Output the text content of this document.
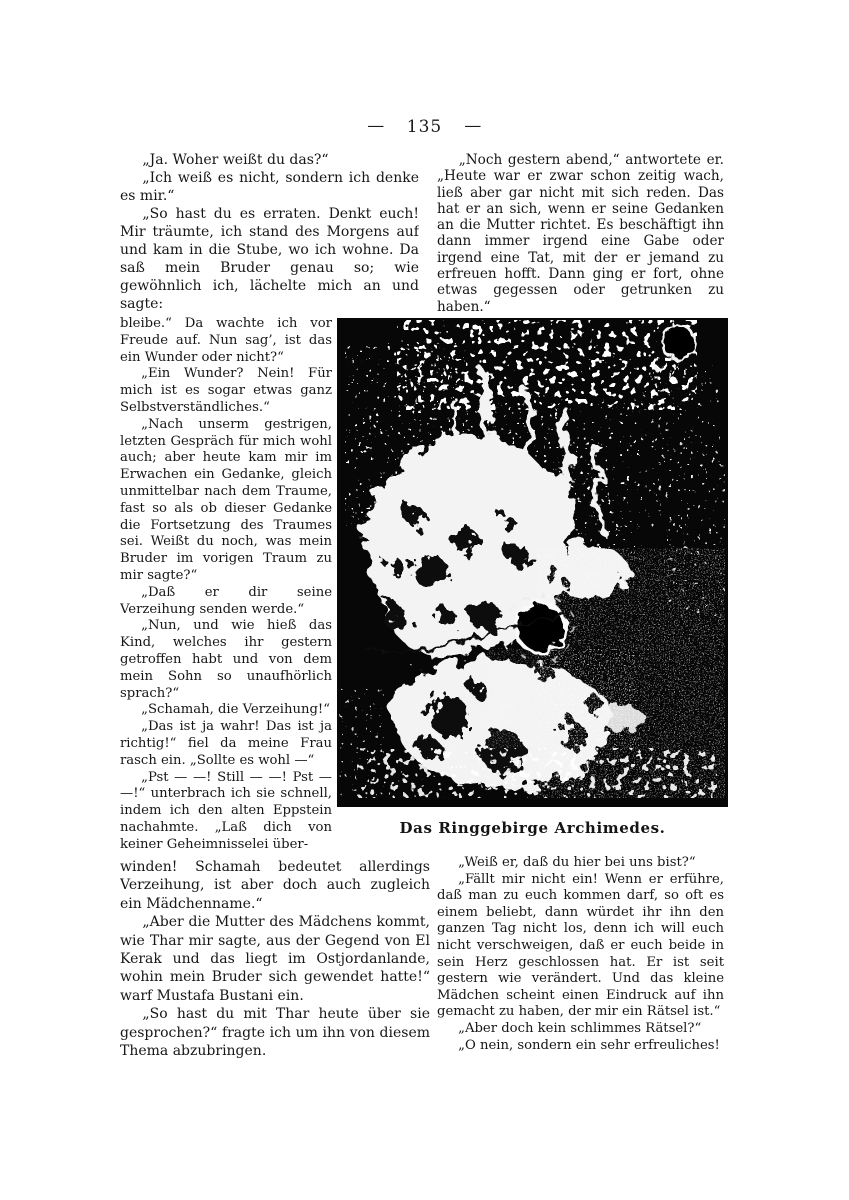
— 135 —

„Ja. Woher weißt du das?“

„Ich weiß es nicht, sondern ich denke es mir.“

„So hast du es erraten. Denkt euch! Mir träumte, ich stand des Morgens auf und kam in die Stube, wo ich wohne. Da saß mein Bruder genau so; wie gewöhnlich ich, lächelte mich an und sagte:

bleibe.“ Da wachte ich vor Freude auf. Nun sag’, ist das ein Wunder oder nicht?“

„Ein Wunder? Nein! Für mich ist es sogar etwas ganz Selbstverständliches.“

„Nach unserm gestrigen, letzten Gespräch für mich wohl auch; aber heute kam mir im Erwachen ein Gedanke, gleich unmittelbar nach dem Traume, fast so als ob dieser Gedanke die Fortsetzung des Traumes sei. Weißt du noch, was mein Bruder im vorigen Traum zu mir sagte?“

„Daß er dir seine Verzeihung senden werde.“

„Nun, und wie hieß das Kind, welches ihr gestern getroffen habt und von dem mein Sohn so unaufhörlich sprach?“

„Schamah, die Verzeihung!“

„Das ist ja wahr! Das ist ja richtig!“ fiel da meine Frau rasch ein. „Sollte es wohl —“

„Pst — —! Still — —! Pst — —!“ unterbrach ich sie schnell, indem ich den alten Eppstein nachahmte. „Laß dich von keiner Geheimnisselei über-

winden! Schamah bedeutet allerdings Verzeihung, ist aber doch auch zugleich ein Mädchenname.“

„Aber die Mutter des Mädchens kommt, wie Thar mir sagte, aus der Gegend von El Kerak und das liegt im Ostjordanlande, wohin mein Bruder sich gewendet hatte!“ warf Mustafa Bustani ein.

„So hast du mit Thar heute über sie gesprochen?“ fragte ich um ihn von diesem Thema abzubringen.

„Noch gestern abend,“ antwortete er. „Heute war er zwar schon zeitig wach, ließ aber gar nicht mit sich reden. Das hat er an sich, wenn er seine Gedanken an die Mutter richtet. Es beschäftigt ihn dann immer irgend eine Gabe oder irgend eine Tat, mit der er jemand zu erfreuen hofft. Dann ging er fort, ohne etwas gegessen oder getrunken zu haben.“

Das Ringgebirge Archimedes.

„Weiß er, daß du hier bei uns bist?“

„Fällt mir nicht ein! Wenn er erführe, daß man zu euch kommen darf, so oft es einem beliebt, dann würdet ihr ihn den ganzen Tag nicht los, denn ich will euch nicht verschweigen, daß er euch beide in sein Herz geschlossen hat. Er ist seit gestern wie verändert. Und das kleine Mädchen scheint einen Eindruck auf ihn gemacht zu haben, der mir ein Rätsel ist.“

„Aber doch kein schlimmes Rätsel?“

„O nein, sondern ein sehr erfreuliches!
